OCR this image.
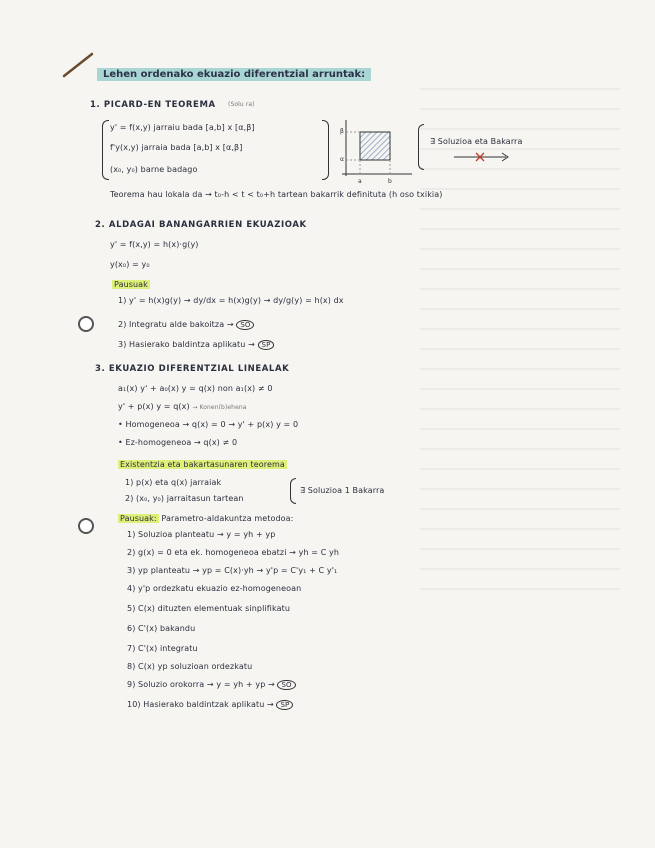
Lehen ordenako ekuazio diferentzial arruntak:
1. PICARD-EN TEOREMA (Solu ra)
y' = f(x,y) jarraiu bada [a,b] x [α,β]
f'y(x,y) jarraia bada [a,b] x [α,β]
(x₀, y₀) barne badago
β
α
a	b
∃ Soluzioa eta Bakarra
Teorema hau lokala da → t₀-h < t < t₀+h tartean bakarrik definituta (h oso txikia)
2. ALDAGAI BANANGARRIEN EKUAZIOAK
y' = f(x,y) = h(x)·g(y)
y(x₀) = y₀
Pausuak
1) y' = h(x)g(y) → dy/dx = h(x)g(y) → dy/g(y) = h(x) dx
2) Integratu alde bakoitza → SO
3) Hasierako baldintza aplikatu → SP
3. EKUAZIO DIFERENTZIAL LINEALAK
a₁(x) y' + a₀(x) y = q(x) non a₁(x) ≠ 0
y' + p(x) y = q(x) → Konen(b)ehena
• Homogeneoa → q(x) = 0 → y' + p(x) y = 0
• Ez-homogeneoa → q(x) ≠ 0
Existentzia eta bakartasunaren teorema
1) p(x) eta q(x) jarraiak
2) (x₀, y₀) jarraitasun tartean
∃ Soluzioa 1 Bakarra
Pausuak: Parametro-aldakuntza metodoa:
1) Soluzioa planteatu → y = yh + yp
2) g(x) = 0 eta ek. homogeneoa ebatzi → yh = C yh
3) yp planteatu → yp = C(x)·yh → y'p = C'y₁ + C y'₁
4) y'p ordezkatu ekuazio ez-homogeneoan
5) C(x) dituzten elementuak sinplifikatu
6) C'(x) bakandu
7) C'(x) integratu
8) C(x) yp soluzioan ordezkatu
9) Soluzio orokorra → y = yh + yp → SO
10) Hasierako baldintzak aplikatu → SP
